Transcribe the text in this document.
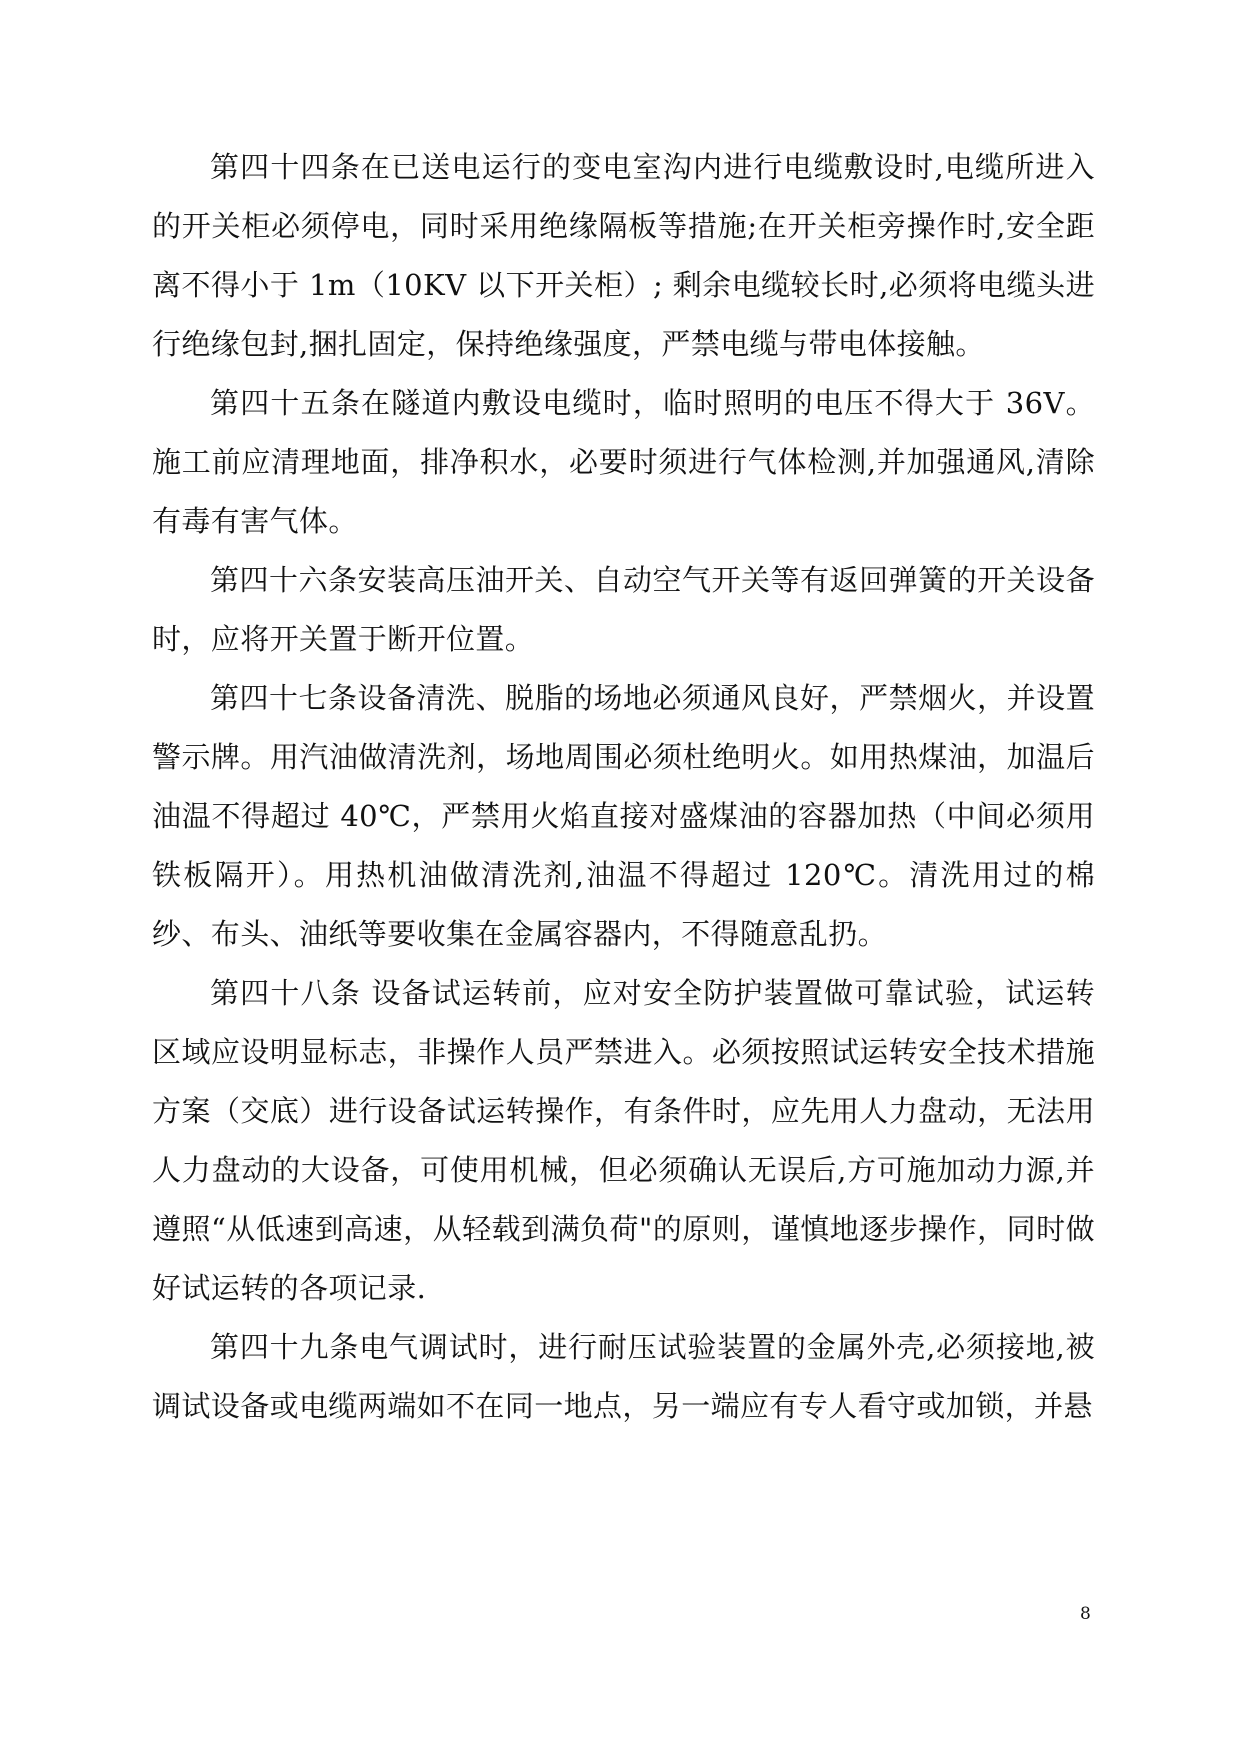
第四十四条在已送电运行的变电室沟内进行电缆敷设时,电缆所进入的开关柜必须停电，同时采用绝缘隔板等措施;在开关柜旁操作时,安全距离不得小于 1m（10KV 以下开关柜）; 剩余电缆较长时,必须将电缆头进行绝缘包封,捆扎固定，保持绝缘强度，严禁电缆与带电体接触。

第四十五条在隧道内敷设电缆时，临时照明的电压不得大于 36V。施工前应清理地面，排净积水，必要时须进行气体检测,并加强通风,清除有毒有害气体。

第四十六条安装高压油开关、自动空气开关等有返回弹簧的开关设备时，应将开关置于断开位置。

第四十七条设备清洗、脱脂的场地必须通风良好，严禁烟火，并设置警示牌。用汽油做清洗剂，场地周围必须杜绝明火。如用热煤油，加温后油温不得超过 40℃，严禁用火焰直接对盛煤油的容器加热（中间必须用铁板隔开）。用热机油做清洗剂,油温不得超过 120℃。清洗用过的棉纱、布头、油纸等要收集在金属容器内，不得随意乱扔。

第四十八条 设备试运转前，应对安全防护装置做可靠试验，试运转区域应设明显标志，非操作人员严禁进入。必须按照试运转安全技术措施方案（交底）进行设备试运转操作，有条件时，应先用人力盘动，无法用人力盘动的大设备，可使用机械，但必须确认无误后,方可施加动力源,并遵照“从低速到高速，从轻载到满负荷"的原则，谨慎地逐步操作，同时做好试运转的各项记录.

第四十九条电气调试时，进行耐压试验装置的金属外壳,必须接地,被调试设备或电缆两端如不在同一地点，另一端应有专人看守或加锁，并悬

8
